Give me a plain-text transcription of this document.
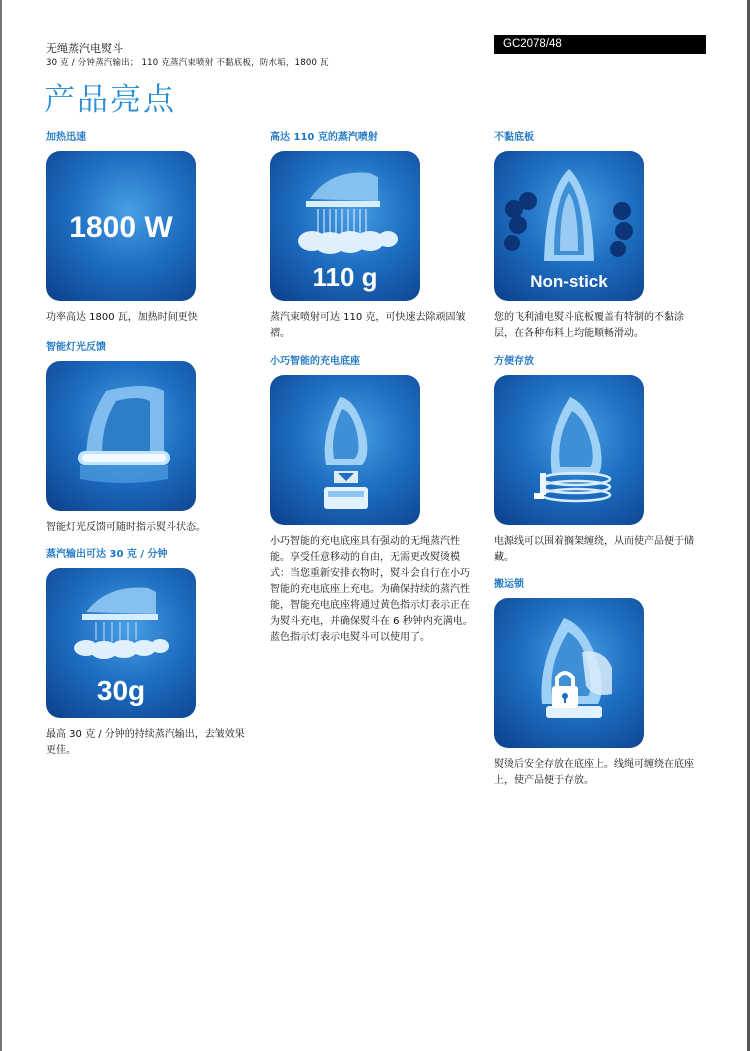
无绳蒸汽电熨斗
30 克 / 分钟蒸汽输出； 110 克蒸汽束喷射 不黏底板，防水垢，1800 瓦
GC2078/48
产品亮点
加热迅速
1800 W
功率高达 1800 瓦，加热时间更快
高达 110 克的蒸汽喷射
110 g
蒸汽束喷射可达 110 克，可快速去除顽固皱褶。
不黏底板
Non-stick
您的飞利浦电熨斗底板覆盖有特制的不黏涂层，在各种布料上均能顺畅滑动。
智能灯光反馈
智能灯光反馈可随时指示熨斗状态。
小巧智能的充电底座
小巧智能的充电底座具有强动的无绳蒸汽性能。享受任意移动的自由，无需更改熨烫模式：当您重新安排衣物时，熨斗会自行在小巧智能的充电底座上充电。为确保持续的蒸汽性能，智能充电底座将通过黄色指示灯表示正在为熨斗充电，并确保熨斗在 6 秒钟内充满电。蓝色指示灯表示电熨斗可以使用了。
方便存放
电源线可以围着搁架缠绕，从而使产品便于储藏。
蒸汽输出可达 30 克 / 分钟
30g
最高 30 克 / 分钟的持续蒸汽输出，去皱效果更佳。
搬运锁
熨烫后安全存放在底座上。线绳可缠绕在底座上，使产品便于存放。
